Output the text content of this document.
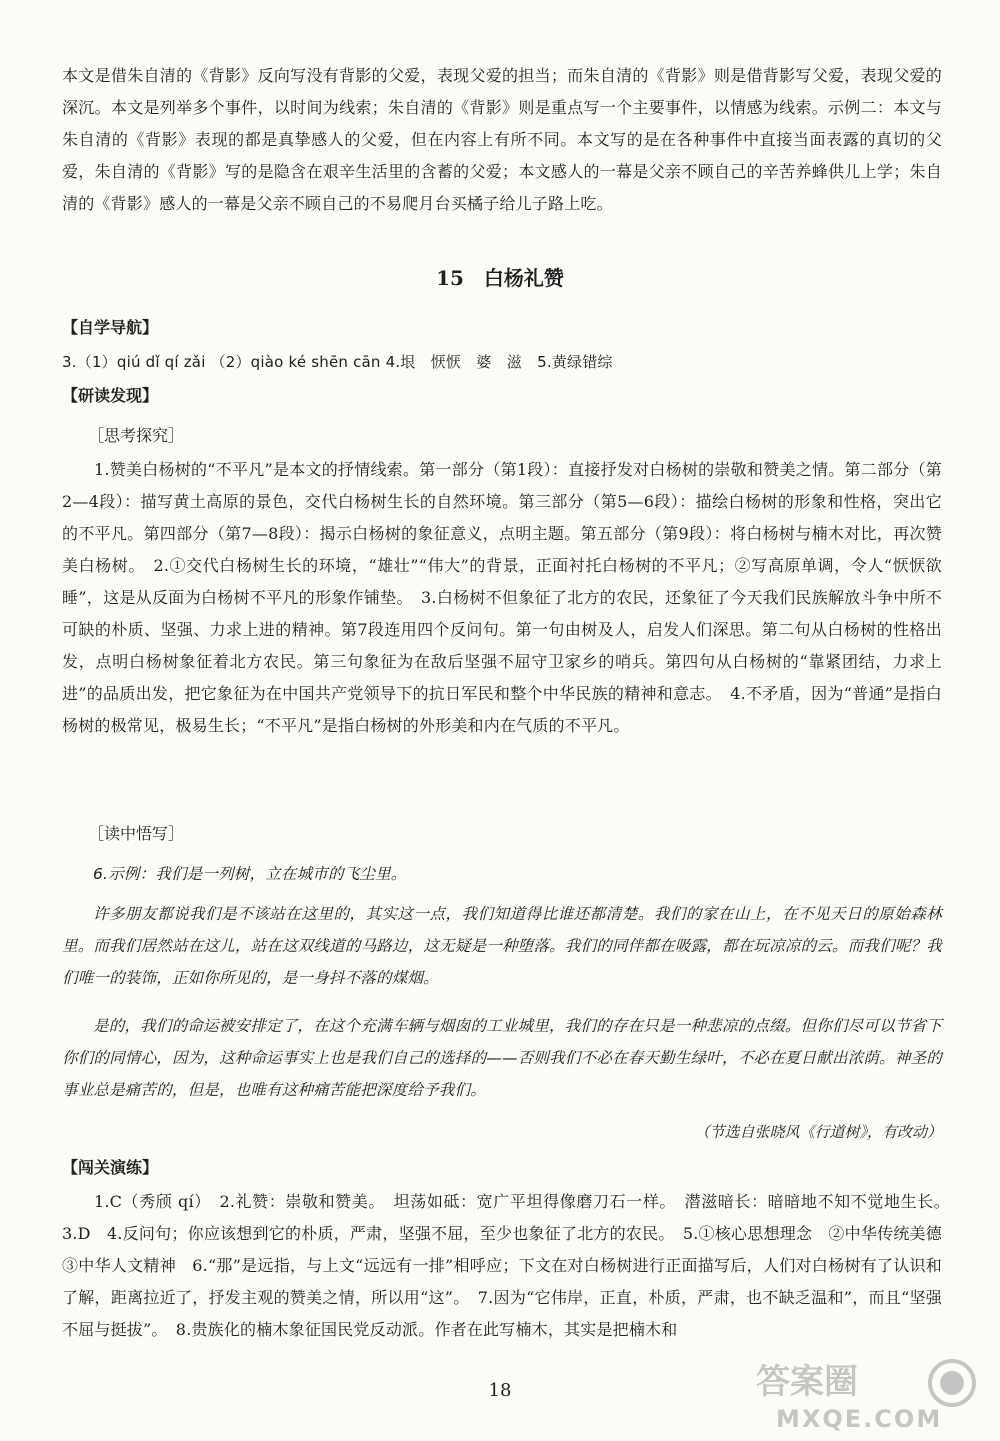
本文是借朱自清的《背影》反向写没有背影的父爱，表现父爱的担当；而朱自清的《背影》则是借背影写父爱，表现父爱的深沉。本文是列举多个事件，以时间为线索；朱自清的《背影》则是重点写一个主要事件，以情感为线索。示例二：本文与朱自清的《背影》表现的都是真挚感人的父爱，但在内容上有所不同。本文写的是在各种事件中直接当面表露的真切的父爱，朱自清的《背影》写的是隐含在艰辛生活里的含蓄的父爱；本文感人的一幕是父亲不顾自己的辛苦养蜂供儿上学；朱自清的《背影》感人的一幕是父亲不顾自己的不易爬月台买橘子给儿子路上吃。

15　白杨礼赞

【自学导航】

3.（1）qiú dǐ qí zǎi （2）qiào ké shēn cān 4.垠　恹恹　婆　滋　5.黄绿错综

【研读发现】

［思考探究］

1.赞美白杨树的“不平凡”是本文的抒情线索。第一部分（第1段）：直接抒发对白杨树的崇敬和赞美之情。第二部分（第2—4段）：描写黄土高原的景色，交代白杨树生长的自然环境。第三部分（第5—6段）：描绘白杨树的形象和性格，突出它的不平凡。第四部分（第7—8段）：揭示白杨树的象征意义，点明主题。第五部分（第9段）：将白杨树与楠木对比，再次赞美白杨树。　2.①交代白杨树生长的环境，“雄壮”“伟大”的背景，正面衬托白杨树的不平凡；②写高原单调，令人“恹恹欲睡”，这是从反面为白杨树不平凡的形象作铺垫。　3.白杨树不但象征了北方的农民，还象征了今天我们民族解放斗争中所不可缺的朴质、坚强、力求上进的精神。第7段连用四个反问句。第一句由树及人，启发人们深思。第二句从白杨树的性格出发，点明白杨树象征着北方农民。第三句象征为在敌后坚强不屈守卫家乡的哨兵。第四句从白杨树的“靠紧团结，力求上进”的品质出发，把它象征为在中国共产党领导下的抗日军民和整个中华民族的精神和意志。　4.不矛盾，因为“普通”是指白杨树的极常见，极易生长；“不平凡”是指白杨树的外形美和内在气质的不平凡。

［读中悟写］

6.示例：我们是一列树，立在城市的飞尘里。

许多朋友都说我们是不该站在这里的，其实这一点，我们知道得比谁还都清楚。我们的家在山上，在不见天日的原始森林里。而我们居然站在这儿，站在这双线道的马路边，这无疑是一种堕落。我们的同伴都在吸露，都在玩凉凉的云。而我们呢？我们唯一的装饰，正如你所见的，是一身抖不落的煤烟。

是的，我们的命运被安排定了，在这个充满车辆与烟囱的工业城里，我们的存在只是一种悲凉的点缀。但你们尽可以节省下你们的同情心，因为，这种命运事实上也是我们自己的选择的——否则我们不必在春天勤生绿叶，不必在夏日献出浓荫。神圣的事业总是痛苦的，但是，也唯有这种痛苦能把深度给予我们。

（节选自张晓风《行道树》，有改动）

【闯关演练】

1.C（秀颀 qí）　2.礼赞：崇敬和赞美。　坦荡如砥：宽广平坦得像磨刀石一样。　潜滋暗长：暗暗地不知不觉地生长。　3.D　4.反问句；你应该想到它的朴质，严肃，坚强不屈，至少也象征了北方的农民。　5.①核心思想理念　②中华传统美德　③中华人文精神　6.“那”是远指，与上文“远远有一排”相呼应；下文在对白杨树进行正面描写后，人们对白杨树有了认识和了解，距离拉近了，抒发主观的赞美之情，所以用“这”。　7.因为“它伟岸，正直，朴质，严肃，也不缺乏温和”，而且“坚强不屈与挺拔”。　8.贵族化的楠木象征国民党反动派。作者在此写楠木，其实是把楠木和

18	答案圈
MXQE.COM
